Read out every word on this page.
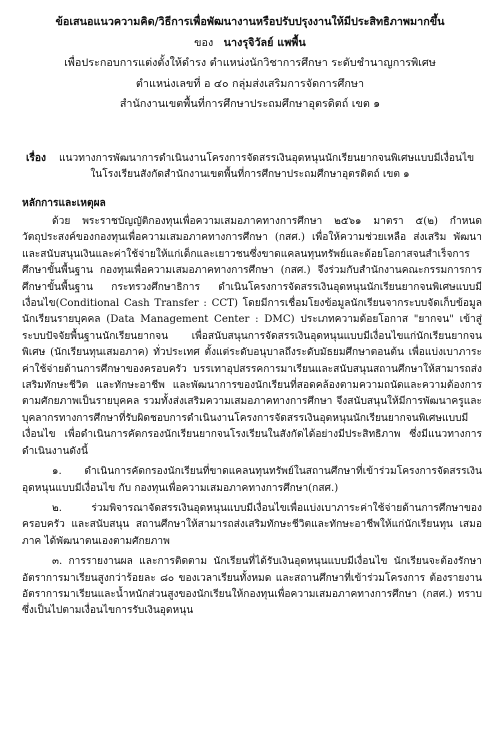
ข้อเสนอแนวความคิด/วิธีการเพื่อพัฒนางานหรือปรับปรุงงานให้มีประสิทธิภาพมากขึ้น
ของ นางรุจิวัลย์ แพพื้น
เพื่อประกอบการแต่งตั้งให้ดำรง ตำแหน่งนักวิชาการศึกษา ระดับชำนาญการพิเศษ
ตำแหน่งเลขที่ อ ๔๐ กลุ่มส่งเสริมการจัดการศึกษา
สำนักงานเขตพื้นที่การศึกษาประถมศึกษาอุตรดิตถ์ เขต ๑
เรื่อง แนวทางการพัฒนาการดำเนินงานโครงการจัดสรรเงินอุดหนุนนักเรียนยากจนพิเศษแบบมีเงื่อนไข
ในโรงเรียนสังกัดสำนักงานเขตพื้นที่การศึกษาประถมศึกษาอุตรดิตถ์ เขต ๑
หลักการและเหตุผล

ด้วย พระราชบัญญัติกองทุนเพื่อความเสมอภาคทางการศึกษา ๒๕๖๑ มาตรา ๕(๒) กำหนดวัตถุประสงค์ของกองทุนเพื่อความเสมอภาคทางการศึกษา (กสศ.) เพื่อให้ความช่วยเหลือ ส่งเสริม พัฒนาและสนับสนุนเงินและค่าใช้จ่ายให้แก่เด็กและเยาวชนซึ่งขาดแคลนทุนทรัพย์และด้อยโอกาสจนสำเร็จการศึกษาขั้นพื้นฐาน กองทุนเพื่อความเสมอภาคทางการศึกษา (กสศ.) จึงร่วมกับสำนักงานคณะกรรมการการศึกษาขั้นพื้นฐาน กระทรวงศึกษาธิการ ดำเนินโครงการจัดสรรเงินอุดหนุนนักเรียนยากจนพิเศษแบบมีเงื่อนไข(Conditional Cash Transfer : CCT) โดยมีการเชื่อมโยงข้อมูลนักเรียนจากระบบจัดเก็บข้อมูลนักเรียนรายบุคคล (Data Management Center : DMC) ประเภทความด้อยโอกาส "ยากจน" เข้าสู่ระบบปัจจัยพื้นฐานนักเรียนยากจน เพื่อสนับสนุนการจัดสรรเงินอุดหนุนแบบมีเงื่อนไขแก่นักเรียนยากจนพิเศษ (นักเรียนทุนเสมอภาค) ทั่วประเทศ ตั้งแต่ระดับอนุบาลถึงระดับมัธยมศึกษาตอนต้น เพื่อแบ่งเบาภาระค่าใช้จ่ายด้านการศึกษาของครอบครัว บรรเทาอุปสรรคการมาเรียนและสนับสนุนสถานศึกษาให้สามารถส่งเสริมทักษะชีวิต และทักษะอาชีพ และพัฒนาการของนักเรียนที่สอดคล้องตามความถนัดและความต้องการตามศักยภาพเป็นรายบุคคล รวมทั้งส่งเสริมความเสมอภาคทางการศึกษา จึงสนับสนุนให้มีการพัฒนาครูและบุคลากรทางการศึกษาที่รับผิดชอบการดำเนินงานโครงการจัดสรรเงินอุดหนุนนักเรียนยากจนพิเศษแบบมีเงื่อนไข เพื่อดำเนินการคัดกรองนักเรียนยากจนโรงเรียนในสังกัดได้อย่างมีประสิทธิภาพ ซึ่งมีแนวทางการดำเนินงานดังนี้

๑. ดำเนินการคัดกรองนักเรียนที่ขาดแคลนทุนทรัพย์ในสถานศึกษาที่เข้าร่วมโครงการจัดสรรเงินอุดหนุนแบบมีเงื่อนไข กับ กองทุนเพื่อความเสมอภาคทางการศึกษา(กสศ.)

๒. ร่วมพิจารณาจัดสรรเงินอุดหนุนแบบมีเงื่อนไขเพื่อแบ่งเบาภาระค่าใช้จ่ายด้านการศึกษาของครอบครัว และสนับสนุน สถานศึกษาให้สามารถส่งเสริมทักษะชีวิตและทักษะอาชีพให้แก่นักเรียนทุน เสมอภาค ได้พัฒนาตนเองตามศักยภาพ

๓. การรายงานผล และการติดตาม นักเรียนที่ได้รับเงินอุดหนุนแบบมีเงื่อนไข นักเรียนจะต้องรักษาอัตราการมาเรียนสูงกว่าร้อยละ ๘๐ ของเวลาเรียนทั้งหมด และสถานศึกษาที่เข้าร่วมโครงการ ต้องรายงานอัตราการมาเรียนและน้ำหนักส่วนสูงของนักเรียนให้กองทุนเพื่อความเสมอภาคทางการศึกษา (กสศ.) ทราบซึ่งเป็นไปตามเงื่อนไขการรับเงินอุดหนุน
